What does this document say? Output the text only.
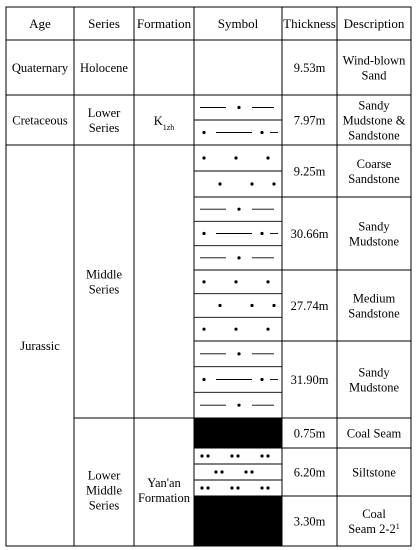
Age	Series Formation Symbol Thickness Description
Quaternary
Cretaceous
Jurassic
Holocene
Lower Series
Middle Series
Lower Middle Series
$K_{1zh}$
Yan'an Formation
9.53m
Wind-blown Sand
7.97m
Sandy Mudstone & Sandstone
9.25m
Coarse Sandstone
30.66m
Sandy Mudstone
27.74m
Medium Sandstone
31.90m
Sandy Mudstone
0.75m Coal Seam
6.20m Siltstone
3.30m
Coal Seam $2-2^1$
